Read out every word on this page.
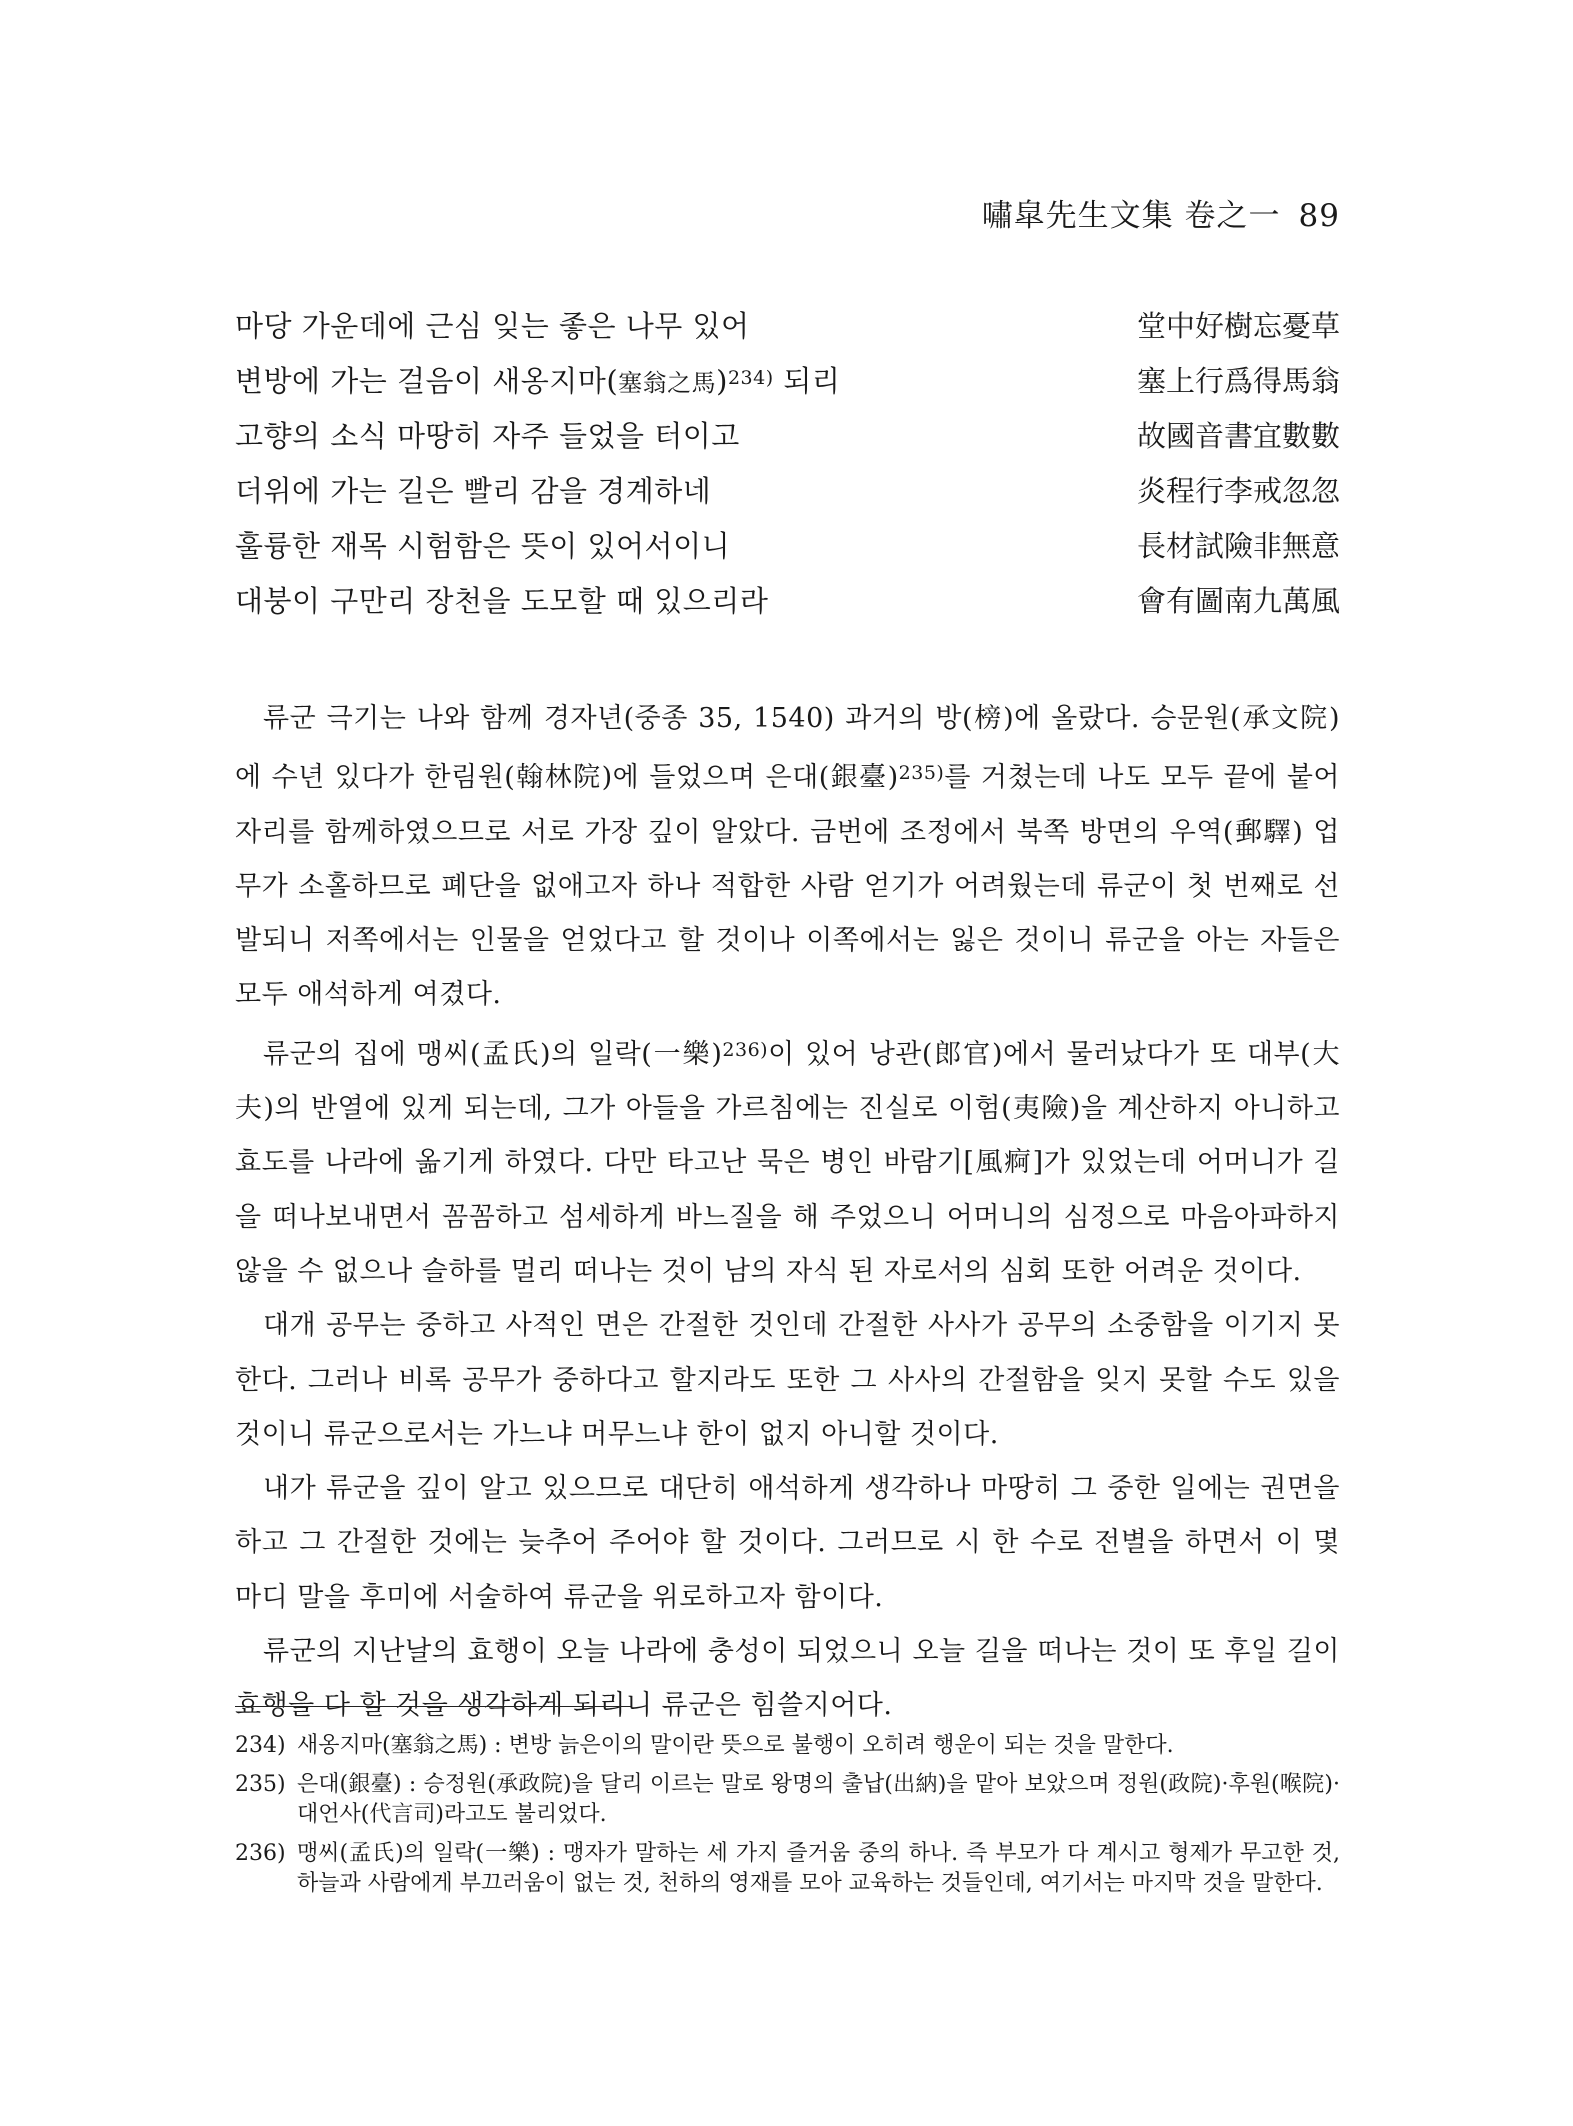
嘯皐先生文集 卷之一 89
마당 가운데에 근심 잊는 좋은 나무 있어	堂中好樹忘憂草
변방에 가는 걸음이 새옹지마(塞翁之馬)$^{234)}$ 되리	塞上行爲得馬翁
고향의 소식 마땅히 자주 들었을 터이고	故國音書宜數數
더위에 가는 길은 빨리 감을 경계하네	炎程行李戒忽忽
훌륭한 재목 시험함은 뜻이 있어서이니	長材試險非無意
대붕이 구만리 장천을 도모할 때 있으리라	會有圖南九萬風

류군 극기는 나와 함께 경자년(중종 35, 1540) 과거의 방(榜)에 올랐다. 승문원(承文院)에 수년 있다가 한림원(翰林院)에 들었으며 은대(銀臺)$^{235)}$를 거쳤는데 나도 모두 끝에 붙어 자리를 함께하였으므로 서로 가장 깊이 알았다. 금번에 조정에서 북쪽 방면의 우역(郵驛) 업무가 소홀하므로 폐단을 없애고자 하나 적합한 사람 얻기가 어려웠는데 류군이 첫 번째로 선발되니 저쪽에서는 인물을 얻었다고 할 것이나 이쪽에서는 잃은 것이니 류군을 아는 자들은 모두 애석하게 여겼다.

류군의 집에 맹씨(孟氏)의 일락(一樂)$^{236)}$이 있어 낭관(郎官)에서 물러났다가 또 대부(大夫)의 반열에 있게 되는데, 그가 아들을 가르침에는 진실로 이험(夷險)을 계산하지 아니하고 효도를 나라에 옮기게 하였다. 다만 타고난 묵은 병인 바람기[風痾]가 있었는데 어머니가 길을 떠나보내면서 꼼꼼하고 섬세하게 바느질을 해 주었으니 어머니의 심정으로 마음아파하지 않을 수 없으나 슬하를 멀리 떠나는 것이 남의 자식 된 자로서의 심회 또한 어려운 것이다.

대개 공무는 중하고 사적인 면은 간절한 것인데 간절한 사사가 공무의 소중함을 이기지 못한다. 그러나 비록 공무가 중하다고 할지라도 또한 그 사사의 간절함을 잊지 못할 수도 있을 것이니 류군으로서는 가느냐 머무느냐 한이 없지 아니할 것이다.

내가 류군을 깊이 알고 있으므로 대단히 애석하게 생각하나 마땅히 그 중한 일에는 권면을 하고 그 간절한 것에는 늦추어 주어야 할 것이다. 그러므로 시 한 수로 전별을 하면서 이 몇 마디 말을 후미에 서술하여 류군을 위로하고자 함이다.

류군의 지난날의 효행이 오늘 나라에 충성이 되었으니 오늘 길을 떠나는 것이 또 후일 길이 효행을 다 할 것을 생각하게 되리니 류군은 힘쓸지어다.

234) 새옹지마(塞翁之馬) : 변방 늙은이의 말이란 뜻으로 불행이 오히려 행운이 되는 것을 말한다.
235) 은대(銀臺) : 승정원(承政院)을 달리 이르는 말로 왕명의 출납(出納)을 맡아 보았으며 정원(政院)·후원(喉院)·대언사(代言司)라고도 불리었다.
236) 맹씨(孟氏)의 일락(一樂) : 맹자가 말하는 세 가지 즐거움 중의 하나. 즉 부모가 다 계시고 형제가 무고한 것, 하늘과 사람에게 부끄러움이 없는 것, 천하의 영재를 모아 교육하는 것들인데, 여기서는 마지막 것을 말한다.
